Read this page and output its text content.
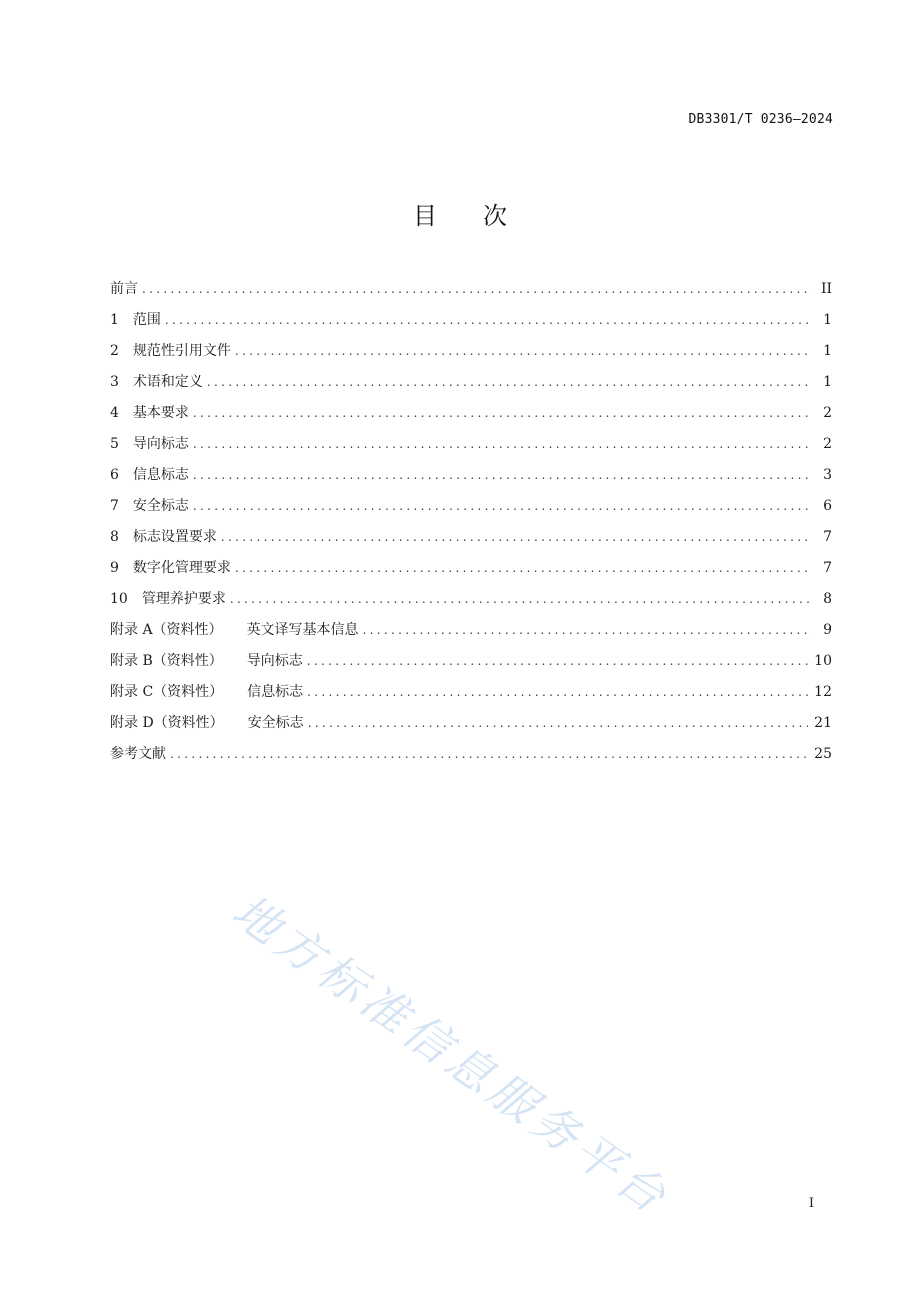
DB3301/T 0236—2024
目 次
前言 .....	II
1 范围 .....	1
2 规范性引用文件 .....	1
3 术语和定义 .....	1
4 基本要求 .....	2
5 导向标志 .....	2
6 信息标志 .....	3
7 安全标志 .....	6
8 标志设置要求 .....	7
9 数字化管理要求 .....	7
10 管理养护要求 .....	8
附录 A（资料性） 英文译写基本信息 .....	9
附录 B（资料性） 导向标志 .....	10
附录 C（资料性） 信息标志 .....	12
附录 D（资料性） 安全标志 .....	21
参考文献 .....	25
地方标准信息服务平台	I
